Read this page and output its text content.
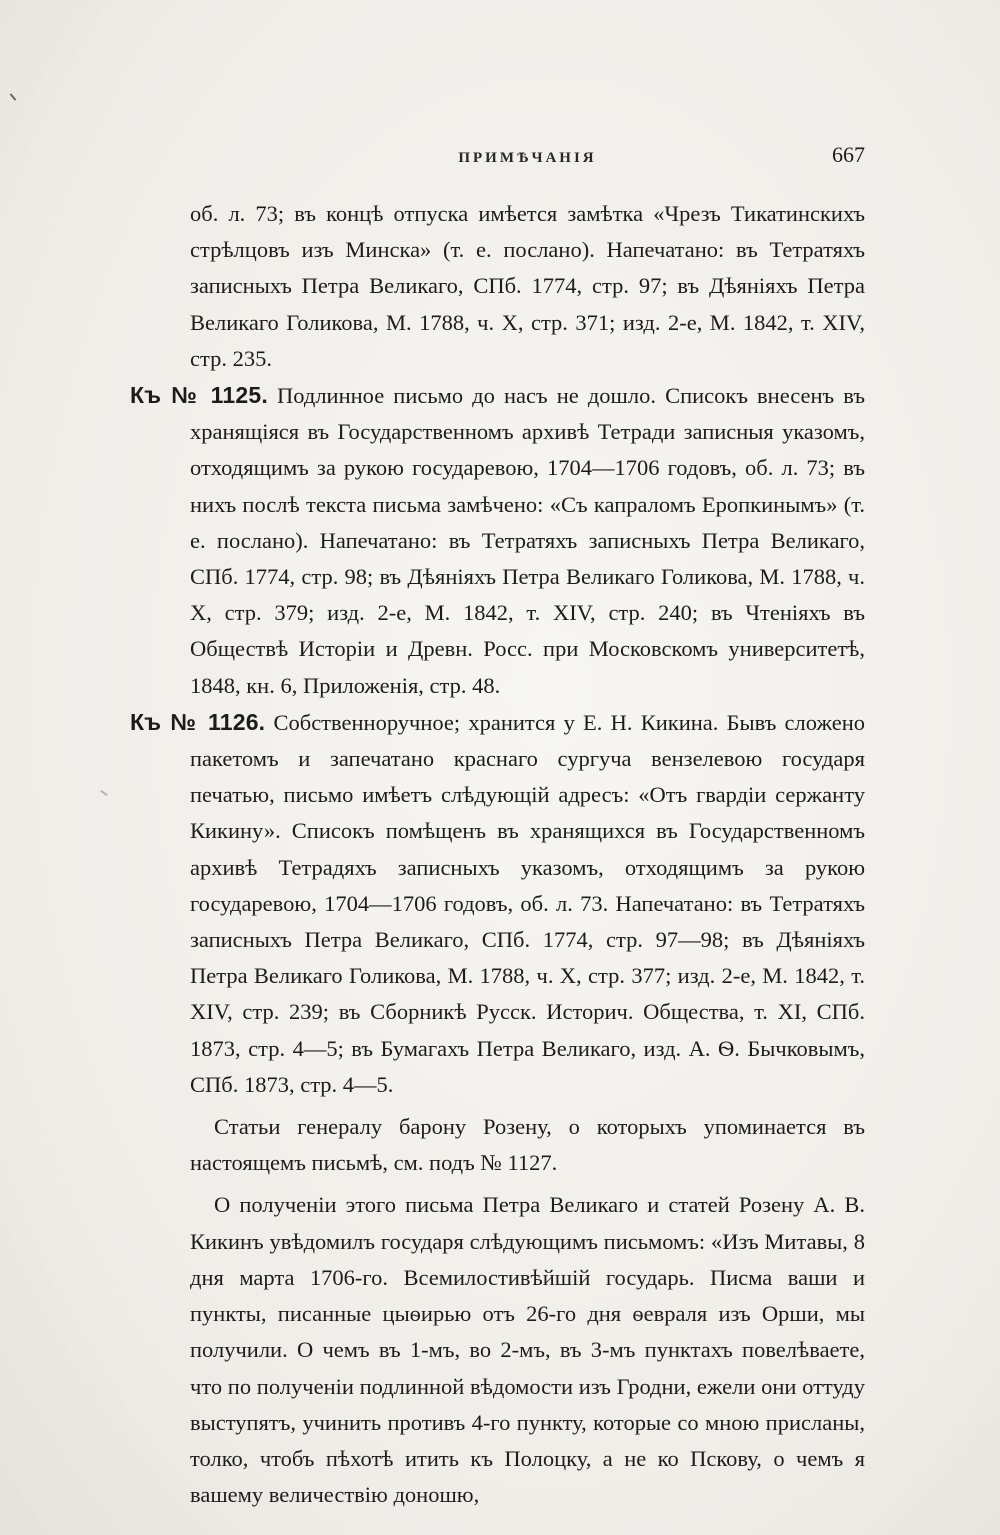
ПРИМѢЧАНІЯ	667

об. л. 73; въ концѣ отпуска имѣется замѣтка «Чрезъ Тикатинскихъ стрѣлцовъ изъ Минска» (т. е. послано). Напечатано: въ Тетратяхъ записныхъ Петра Великаго, СПб. 1774, стр. 97; въ Дѣяніяхъ Петра Великаго Голикова, М. 1788, ч. X, стр. 371; изд. 2-е, М. 1842, т. XIV, стр. 235.

Къ № 1125. Подлинное письмо до насъ не дошло. Списокъ внесенъ въ хранящіяся въ Государственномъ архивѣ Тетради записныя указомъ, отходящимъ за рукою государевою, 1704—1706 годовъ, об. л. 73; въ нихъ послѣ текста письма замѣчено: «Съ капраломъ Еропкинымъ» (т. е. послано). Напечатано: въ Тетратяхъ записныхъ Петра Великаго, СПб. 1774, стр. 98; въ Дѣяніяхъ Петра Великаго Голикова, М. 1788, ч. X, стр. 379; изд. 2-е, М. 1842, т. XIV, стр. 240; въ Чтеніяхъ въ Обществѣ Исторіи и Древн. Росс. при Московскомъ университетѣ, 1848, кн. 6, Приложенія, стр. 48.

Къ № 1126. Собственноручное; хранится у Е. Н. Кикина. Бывъ сложено пакетомъ и запечатано краснаго сургуча вензелевою государя печатью, письмо имѣетъ слѣдующій адресъ: «Отъ гвардіи сержанту Кикину». Списокъ помѣщенъ въ хранящихся въ Государственномъ архивѣ Тетрадяхъ записныхъ указомъ, отходящимъ за рукою государевою, 1704—1706 годовъ, об. л. 73. Напечатано: въ Тетратяхъ записныхъ Петра Великаго, СПб. 1774, стр. 97—98; въ Дѣяніяхъ Петра Великаго Голикова, М. 1788, ч. X, стр. 377; изд. 2-е, М. 1842, т. XIV, стр. 239; въ Сборникѣ Русск. Историч. Общества, т. XI, СПб. 1873, стр. 4—5; въ Бумагахъ Петра Великаго, изд. А. Ѳ. Бычковымъ, СПб. 1873, стр. 4—5.

Статьи генералу барону Розену, о которыхъ упоминается въ настоящемъ письмѣ, см. подъ № 1127.

О полученіи этого письма Петра Великаго и статей Розену А. В. Кикинъ увѣдомилъ государя слѣдующимъ письмомъ: «Изъ Митавы, 8 дня марта 1706-го. Всемилостивѣйшій государь. Писма ваши и пункты, писанные цыѳирью отъ 26-го дня ѳевраля изъ Орши, мы получили. О чемъ въ 1-мъ, во 2-мъ, въ 3-мъ пунктахъ повелѣваете, что по полученіи подлинной вѣдомости изъ Гродни, ежели они оттуду выступятъ, учинить противъ 4-го пункту, которые со мною присланы, толко, чтобъ пѣхотѣ итить къ Полоцку, а не ко Пскову, о чемъ я вашему величествію доношю,
